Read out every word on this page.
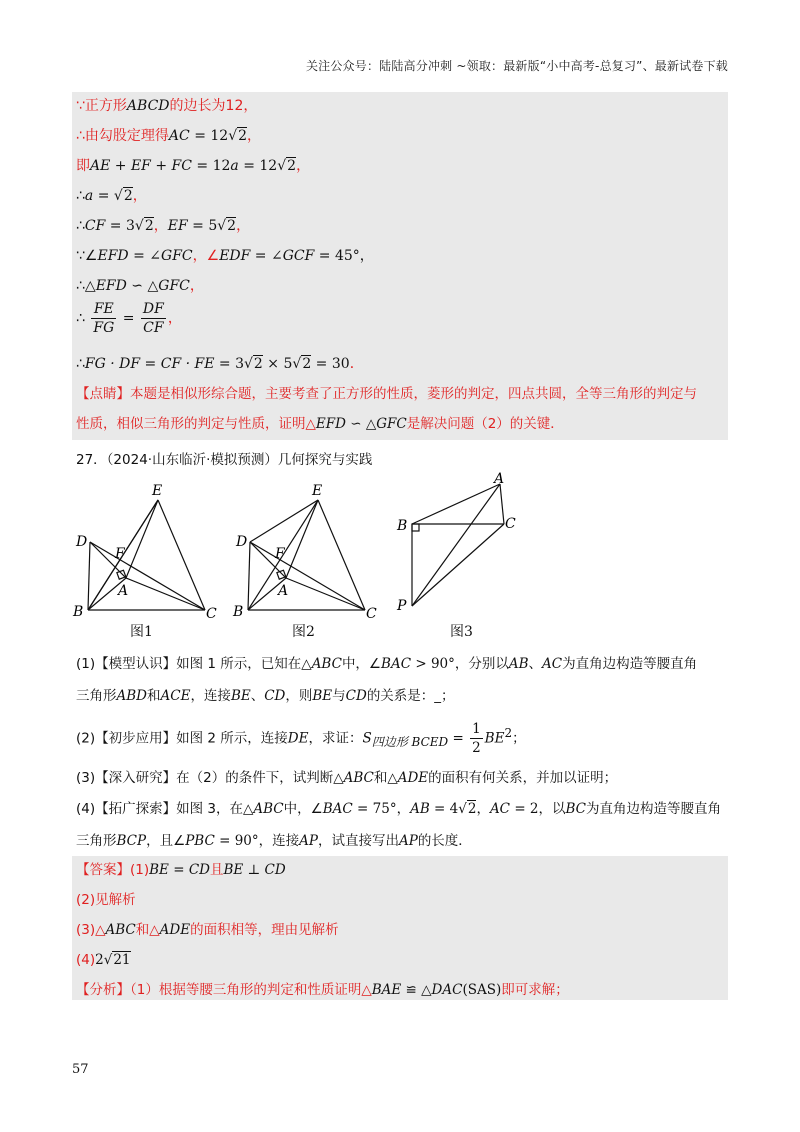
关注公众号：陆陆高分冲刺 ~领取：最新版“小中高考-总复习”、最新试卷下载
∵正方形ABCD的边长为12，
∴由勾股定理得AC = 12√2，
即AE + EF + FC = 12a = 12√2，
∴a = √2，
∴CF = 3√2，EF = 5√2，
∵∠EFD = ∠GFC，∠EDF = ∠GCF = 45°，
∴△EFD ∽ △GFC，
∴ $\frac{FE}{FG} = \frac{DF}{CF}$ ，
∴FG · DF = CF · FE = 3√2 × 5√2 = 30．
【点睛】本题是相似形综合题，主要考查了正方形的性质，菱形的判定，四点共圆，全等三角形的判定与
性质，相似三角形的判定与性质，证明△EFD ∽ △GFC是解决问题（2）的关键．
27．（2024·山东临沂·模拟预测）几何探究与实践
E
D
F
A
B	C
图1
E
D
F
A
B	C
图2
A
B	C
P
图3
(1)【模型认识】如图 1 所示，已知在△ABC中，∠BAC > 90°，分别以AB、AC为直角边构造等腰直角
三角形ABD和ACE，连接BE、CD，则BE与CD的关系是：_；
(2)【初步应用】如图 2 所示，连接DE，求证：$S_{四边形 BCED} = \frac{1}{2} BE^2$；
(3)【深入研究】在（2）的条件下，试判断△ABC和△ADE的面积有何关系，并加以证明；
(4)【拓广探索】如图 3，在△ABC中，∠BAC = 75°，AB = 4√2，AC = 2，以BC为直角边构造等腰直角
三角形BCP，且∠PBC = 90°，连接AP，试直接写出AP的长度．
【答案】(1)BE = CD且BE ⊥ CD
(2)见解析
(3)△ABC和△ADE的面积相等，理由见解析
(4)2√21
【分析】（1）根据等腰三角形的判定和性质证明△BAE ≌ △DAC(SAS)即可求解；
57
